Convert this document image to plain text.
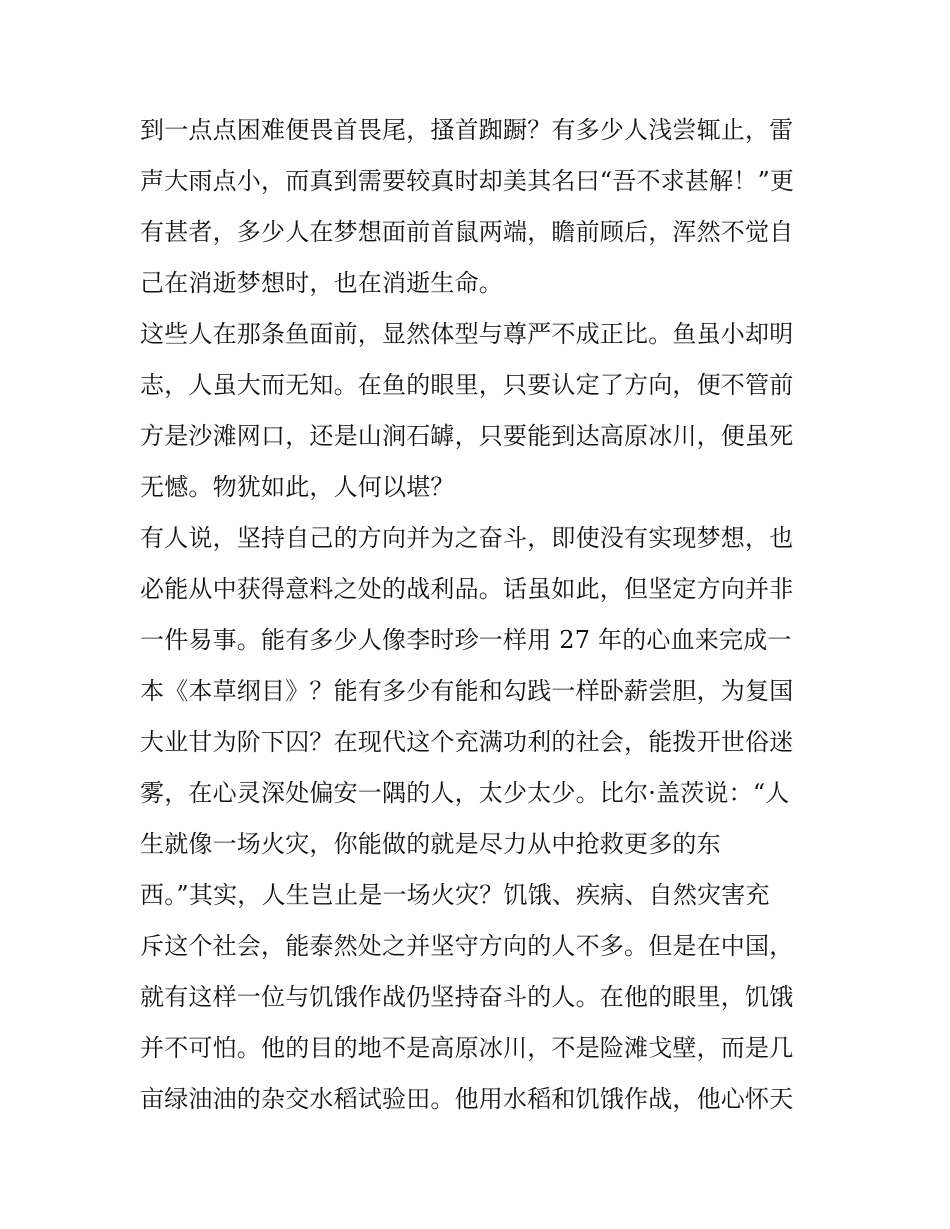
到一点点困难便畏首畏尾，搔首踟蹰？有多少人浅尝辄止，雷
声大雨点小，而真到需要较真时却美其名曰“吾不求甚解！”更
有甚者，多少人在梦想面前首鼠两端，瞻前顾后，浑然不觉自
己在消逝梦想时，也在消逝生命。
这些人在那条鱼面前，显然体型与尊严不成正比。鱼虽小却明
志，人虽大而无知。在鱼的眼里，只要认定了方向，便不管前
方是沙滩网口，还是山涧石罅，只要能到达高原冰川，便虽死
无憾。物犹如此，人何以堪？
有人说，坚持自己的方向并为之奋斗，即使没有实现梦想，也
必能从中获得意料之处的战利品。话虽如此，但坚定方向并非
一件易事。能有多少人像李时珍一样用 27 年的心血来完成一
本《本草纲目》？能有多少有能和勾践一样卧薪尝胆，为复国
大业甘为阶下囚？在现代这个充满功利的社会，能拨开世俗迷
雾，在心灵深处偏安一隅的人，太少太少。比尔·盖茨说：“人
生就像一场火灾，你能做的就是尽力从中抢救更多的东
西。”其实，人生岂止是一场火灾？饥饿、疾病、自然灾害充
斥这个社会，能泰然处之并坚守方向的人不多。但是在中国，
就有这样一位与饥饿作战仍坚持奋斗的人。在他的眼里，饥饿
并不可怕。他的目的地不是高原冰川，不是险滩戈壁，而是几
亩绿油油的杂交水稻试验田。他用水稻和饥饿作战，他心怀天
